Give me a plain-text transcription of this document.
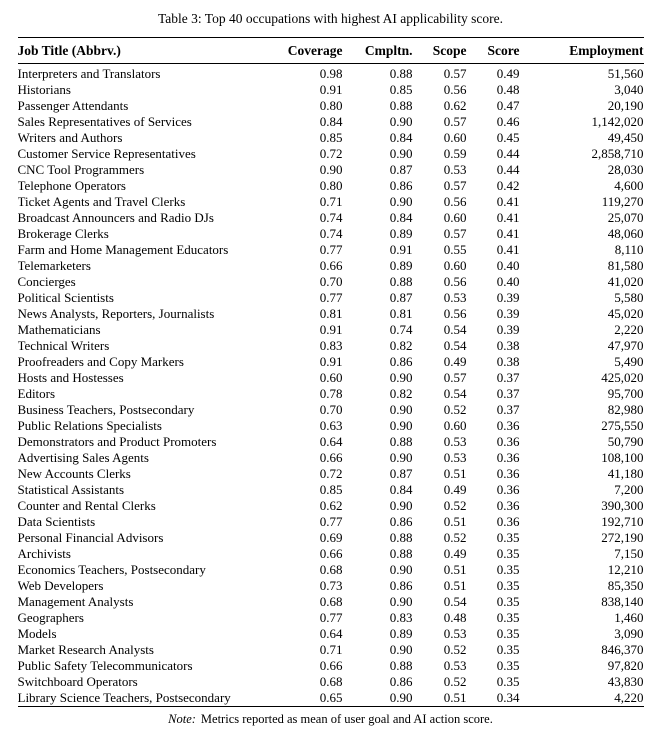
Table 3: Top 40 occupations with highest AI applicability score.
Job Title (Abbrv.)	Coverage	Cmpltn.	Scope	Score	Employment
Interpreters and Translators	0.98	0.88	0.57	0.49	51,560
Historians	0.91	0.85	0.56	0.48	3,040
Passenger Attendants	0.80	0.88	0.62	0.47	20,190
Sales Representatives of Services	0.84	0.90	0.57	0.46	1,142,020
Writers and Authors	0.85	0.84	0.60	0.45	49,450
Customer Service Representatives	0.72	0.90	0.59	0.44	2,858,710
CNC Tool Programmers	0.90	0.87	0.53	0.44	28,030
Telephone Operators	0.80	0.86	0.57	0.42	4,600
Ticket Agents and Travel Clerks	0.71	0.90	0.56	0.41	119,270
Broadcast Announcers and Radio DJs	0.74	0.84	0.60	0.41	25,070
Brokerage Clerks	0.74	0.89	0.57	0.41	48,060
Farm and Home Management Educators	0.77	0.91	0.55	0.41	8,110
Telemarketers	0.66	0.89	0.60	0.40	81,580
Concierges	0.70	0.88	0.56	0.40	41,020
Political Scientists	0.77	0.87	0.53	0.39	5,580
News Analysts, Reporters, Journalists	0.81	0.81	0.56	0.39	45,020
Mathematicians	0.91	0.74	0.54	0.39	2,220
Technical Writers	0.83	0.82	0.54	0.38	47,970
Proofreaders and Copy Markers	0.91	0.86	0.49	0.38	5,490
Hosts and Hostesses	0.60	0.90	0.57	0.37	425,020
Editors	0.78	0.82	0.54	0.37	95,700
Business Teachers, Postsecondary	0.70	0.90	0.52	0.37	82,980
Public Relations Specialists	0.63	0.90	0.60	0.36	275,550
Demonstrators and Product Promoters	0.64	0.88	0.53	0.36	50,790
Advertising Sales Agents	0.66	0.90	0.53	0.36	108,100
New Accounts Clerks	0.72	0.87	0.51	0.36	41,180
Statistical Assistants	0.85	0.84	0.49	0.36	7,200
Counter and Rental Clerks	0.62	0.90	0.52	0.36	390,300
Data Scientists	0.77	0.86	0.51	0.36	192,710
Personal Financial Advisors	0.69	0.88	0.52	0.35	272,190
Archivists	0.66	0.88	0.49	0.35	7,150
Economics Teachers, Postsecondary	0.68	0.90	0.51	0.35	12,210
Web Developers	0.73	0.86	0.51	0.35	85,350
Management Analysts	0.68	0.90	0.54	0.35	838,140
Geographers	0.77	0.83	0.48	0.35	1,460
Models	0.64	0.89	0.53	0.35	3,090
Market Research Analysts	0.71	0.90	0.52	0.35	846,370
Public Safety Telecommunicators	0.66	0.88	0.53	0.35	97,820
Switchboard Operators	0.68	0.86	0.52	0.35	43,830
Library Science Teachers, Postsecondary	0.65	0.90	0.51	0.34	4,220
Note: Metrics reported as mean of user goal and AI action score.
